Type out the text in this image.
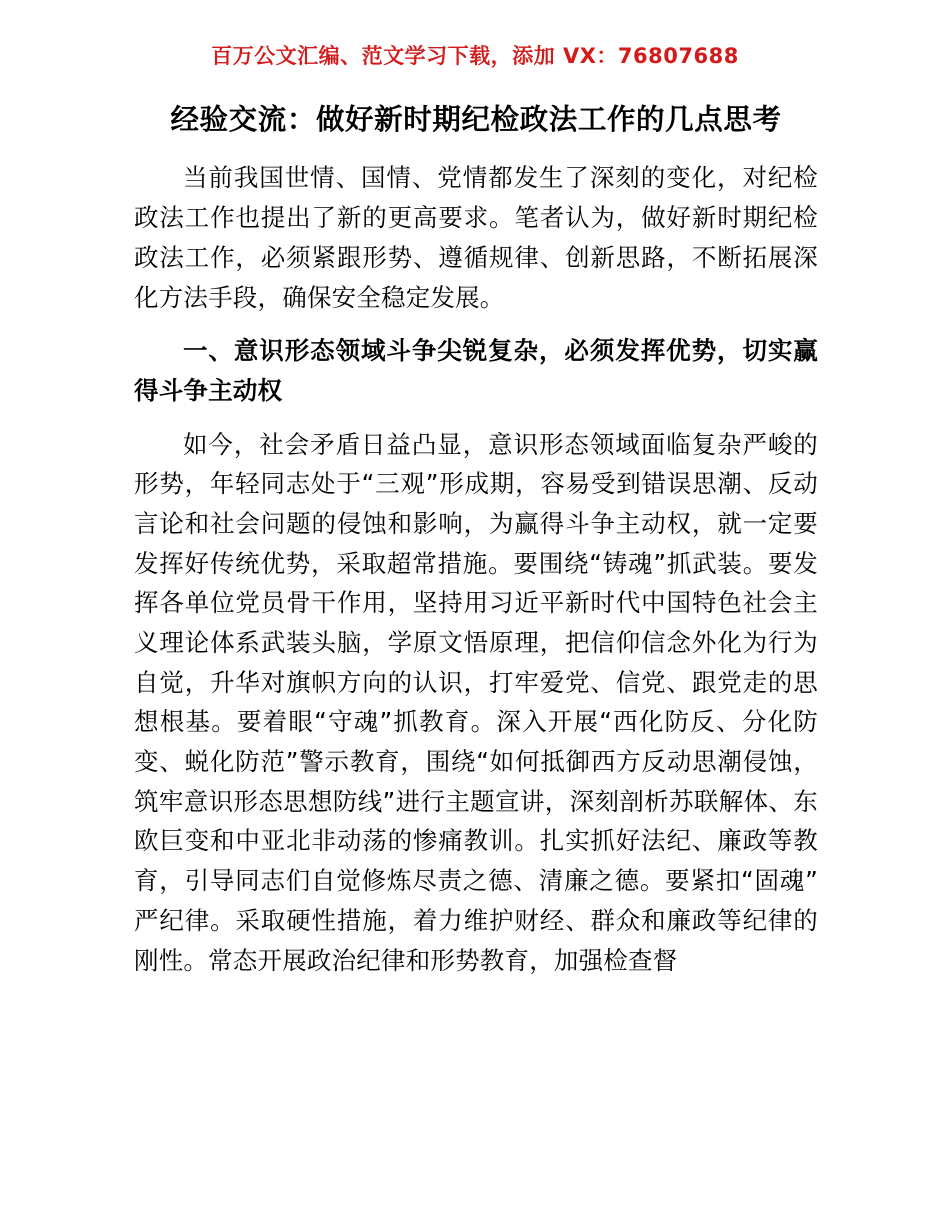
百万公文汇编、范文学习下载，添加 VX：76807688
经验交流：做好新时期纪检政法工作的几点思考

当前我国世情、国情、党情都发生了深刻的变化，对纪检政法工作也提出了新的更高要求。笔者认为，做好新时期纪检政法工作，必须紧跟形势、遵循规律、创新思路，不断拓展深化方法手段，确保安全稳定发展。

一、意识形态领域斗争尖锐复杂，必须发挥优势，切实赢得斗争主动权

如今，社会矛盾日益凸显，意识形态领域面临复杂严峻的形势，年轻同志处于“三观”形成期，容易受到错误思潮、反动言论和社会问题的侵蚀和影响，为赢得斗争主动权，就一定要发挥好传统优势，采取超常措施。要围绕“铸魂”抓武装。要发挥各单位党员骨干作用，坚持用习近平新时代中国特色社会主义理论体系武装头脑，学原文悟原理，把信仰信念外化为行为自觉，升华对旗帜方向的认识，打牢爱党、信党、跟党走的思想根基。要着眼“守魂”抓教育。深入开展“西化防反、分化防变、蜕化防范”警示教育，围绕“如何抵御西方反动思潮侵蚀，筑牢意识形态思想防线”进行主题宣讲，深刻剖析苏联解体、东欧巨变和中亚北非动荡的惨痛教训。扎实抓好法纪、廉政等教育，引导同志们自觉修炼尽责之德、清廉之德。要紧扣“固魂”严纪律。采取硬性措施，着力维护财经、群众和廉政等纪律的刚性。常态开展政治纪律和形势教育，加强检查督
